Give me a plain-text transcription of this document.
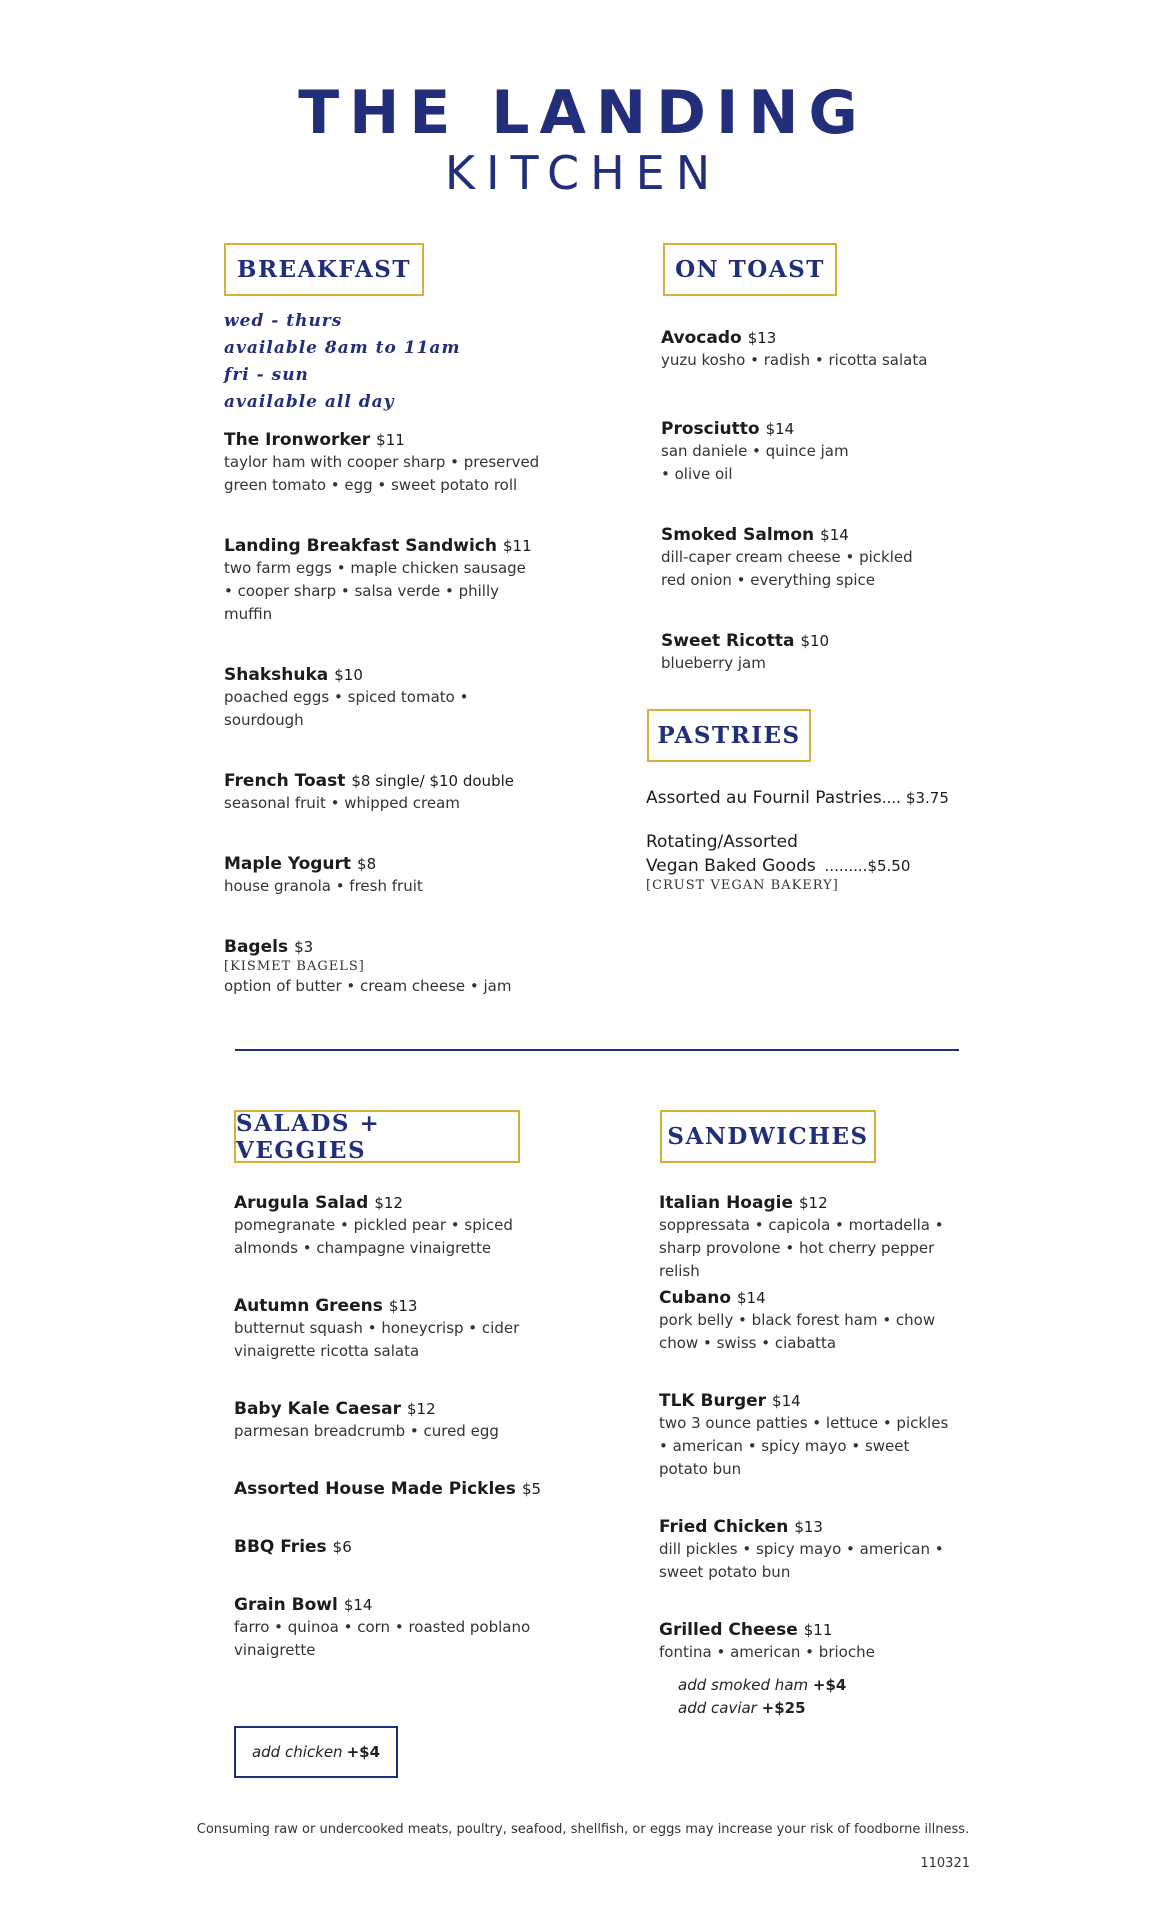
THE LANDING
KITCHEN
BREAKFAST
wed - thurs
available 8am to 11am
fri - sun
available all day
The Ironworker $11
taylor ham with cooper sharp • preserved green tomato • egg • sweet potato roll
Landing Breakfast Sandwich $11
two farm eggs • maple chicken sausage • cooper sharp • salsa verde • philly muffin
Shakshuka $10
poached eggs • spiced tomato • sourdough
French Toast $8 single/ $10 double
seasonal fruit • whipped cream
Maple Yogurt $8
house granola • fresh fruit
Bagels $3
[KISMET BAGELS]
option of butter • cream cheese • jam
ON TOAST
Avocado $13
yuzu kosho • radish • ricotta salata
Prosciutto $14
san daniele • quince jam • olive oil
Smoked Salmon $14
dill-caper cream cheese • pickled red onion • everything spice
Sweet Ricotta $10
blueberry jam
PASTRIES
Assorted au Fournil Pastries.... $3.75
Rotating/Assorted
Vegan Baked Goods .........$5.50
[CRUST VEGAN BAKERY]
SALADS + VEGGIES
Arugula Salad $12
pomegranate • pickled pear • spiced almonds • champagne vinaigrette
Autumn Greens $13
butternut squash • honeycrisp • cider vinaigrette ricotta salata
Baby Kale Caesar $12
parmesan breadcrumb • cured egg
Assorted House Made Pickles $5
BBQ Fries $6
Grain Bowl $14
farro • quinoa • corn • roasted poblano vinaigrette
add chicken +$4
SANDWICHES
Italian Hoagie $12
soppressata • capicola • mortadella • sharp provolone • hot cherry pepper relish
Cubano $14
pork belly • black forest ham • chow chow • swiss • ciabatta
TLK Burger $14
two 3 ounce patties • lettuce • pickles • american • spicy mayo • sweet potato bun
Fried Chicken $13
dill pickles • spicy mayo • american • sweet potato bun
Grilled Cheese $11
fontina • american • brioche
add smoked ham +$4
add caviar +$25
Consuming raw or undercooked meats, poultry, seafood, shellfish, or eggs may increase your risk of foodborne illness.
110321
